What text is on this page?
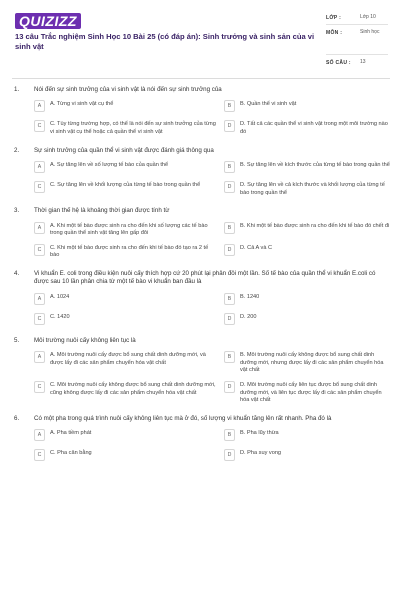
QUIZIZZ
13 câu Trắc nghiệm Sinh Học 10 Bài 25 (có đáp án): Sinh trưởng và sinh sản của vi sinh vật
LỚP :	Lớp 10
MÔN :	Sinh học
SỐ CÂU : 13
1. Nói đến sự sinh trưởng của vi sinh vật là nói đến sự sinh trưởng của
A	A. Từng vi sinh vật cụ thể	B	B. Quần thể vi sinh vật
C	C. Tùy từng trường hợp, có thể là nói đến sự sinh trưởng của từng vi sinh vật cụ thể hoặc cả quần thể vi sinh vật
D	D. Tất cả các quần thể vi sinh vật trong một môi trường nào đó
2. Sự sinh trưởng của quần thể vi sinh vật được đánh giá thông qua
A	A. Sự tăng lên về số lượng tế bào của quần thể	B	B. Sự tăng lên về kích thước của từng tế bào trong quần thể
C	C. Sự tăng lên về khối lượng của từng tế bào trong quần thể	D	D. Sự tăng lên về cả kích thước và khối lượng của từng tế bào trong quần thể
3. Thời gian thế hệ là khoảng thời gian được tính từ
A	A. Khi một tế bào được sinh ra cho đến khi số lượng các tế bào trong quần thể sinh vật tăng lên gấp đôi
B	B. Khi một tế bào được sinh ra cho đến khi tế bào đó chết đi
C	C. Khi một tế bào được sinh ra cho đến khi tế bào đó tạo ra 2 tế bào
D	D. Cả A và C
4. Vi khuẩn E. coli trong điều kiện nuôi cấy thích hợp cứ 20 phút lại phân đôi một lần. Số tế bào của quần thể vi khuẩn E.coli có được sau 10 lần phân chia từ một tế bào vi khuẩn ban đầu là
A	A. 1024	B	B. 1240
C	C. 1420	D	D. 200
5. Môi trường nuôi cấy không liên tục là
A	A. Môi trường nuôi cấy được bổ sung chất dinh dưỡng mới, và được lấy đi các sản phẩm chuyển hóa vật chất
B	B. Môi trường nuôi cấy không được bổ sung chất dinh dưỡng mới, nhưng được lấy đi các sản phẩm chuyển hóa vật chất
C	C. Môi trường nuôi cấy không được bổ sung chất dinh dưỡng mới, cũng không được lấy đi các sản phẩm chuyển hóa vật chất
D	D. Môi trường nuôi cấy liên tục được bổ sung chất dinh dưỡng mới, và liên tục được lấy đi các sản phẩm chuyển hóa vật chất
6. Có một pha trong quá trình nuôi cấy không liên tục mà ở đó, số lượng vi khuẩn tăng lên rất nhanh. Pha đó là
A	A. Pha tiềm phát	B	B. Pha lũy thừa
C	C. Pha cân bằng	D	D. Pha suy vong
